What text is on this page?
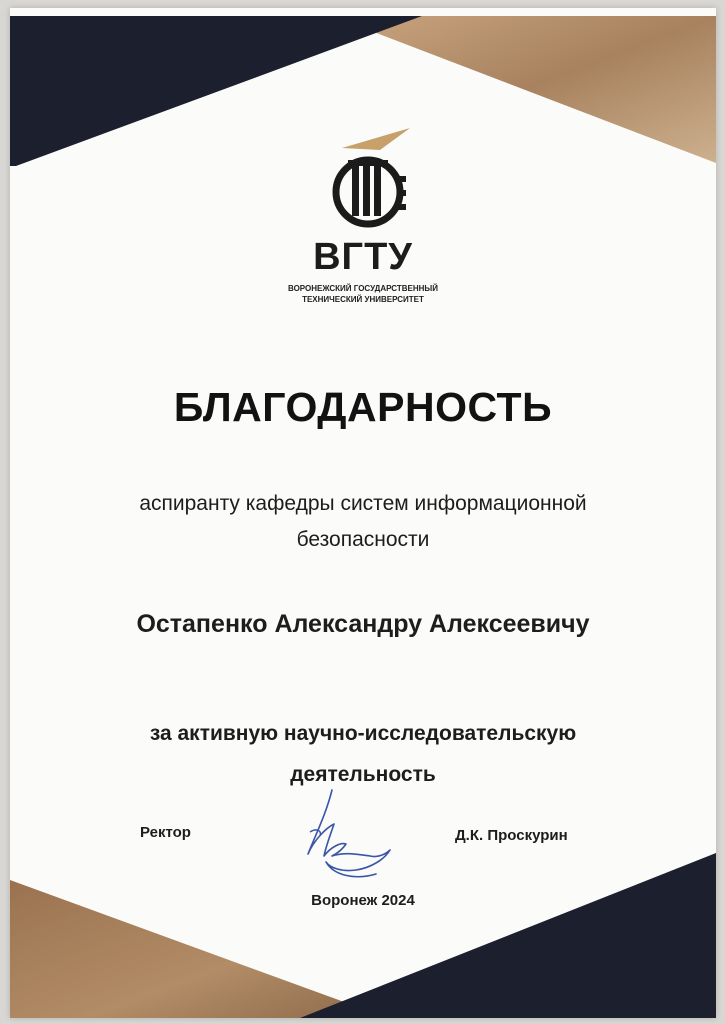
ВГТУ
ВОРОНЕЖСКИЙ ГОСУДАРСТВЕННЫЙ
ТЕХНИЧЕСКИЙ УНИВЕРСИТЕТ
БЛАГОДАРНОСТЬ
аспиранту кафедры систем информационной
безопасности
Остапенко Александру Алексеевичу
за активную научно-исследовательскую
деятельность
Ректор	Д.К. Проскурин
Воронеж 2024
